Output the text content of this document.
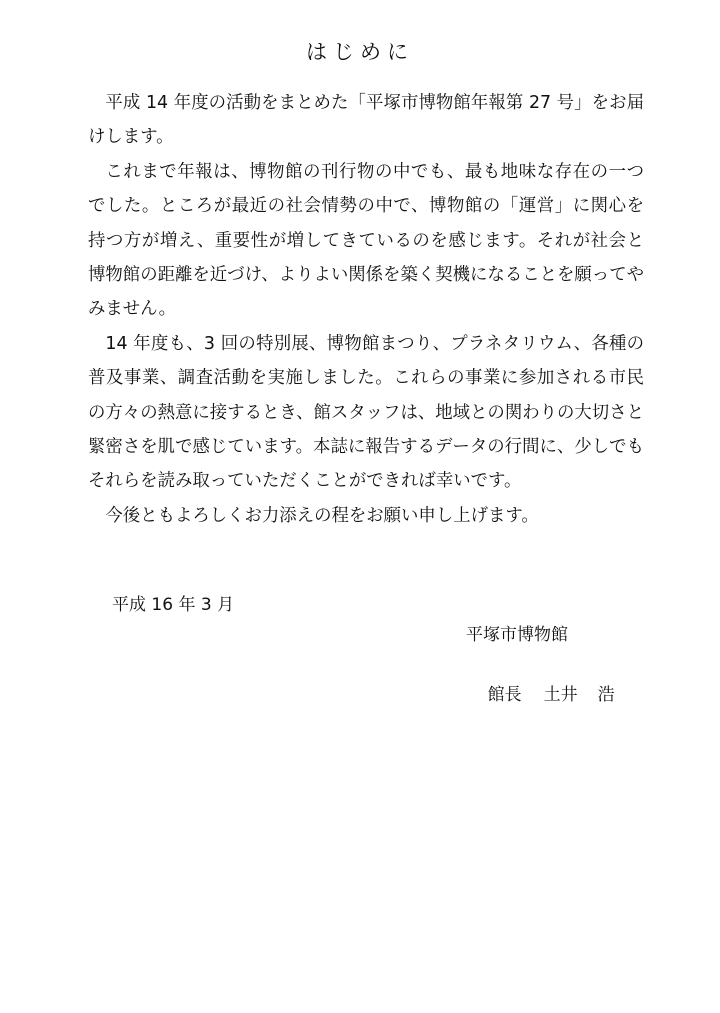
はじめに

平成 14 年度の活動をまとめた「平塚市博物館年報第 27 号」をお届けします。

これまで年報は、博物館の刊行物の中でも、最も地味な存在の一つでした。ところが最近の社会情勢の中で、博物館の「運営」に関心を持つ方が増え、重要性が増してきているのを感じます。それが社会と博物館の距離を近づけ、よりよい関係を築く契機になることを願ってやみません。

14 年度も、3 回の特別展、博物館まつり、プラネタリウム、各種の普及事業、調査活動を実施しました。これらの事業に参加される市民の方々の熱意に接するとき、館スタッフは、地域との関わりの大切さと緊密さを肌で感じています。本誌に報告するデータの行間に、少しでもそれらを読み取っていただくことができれば幸いです。

今後ともよろしくお力添えの程をお願い申し上げます。

平成 16 年 3 月
平塚市博物館

館長 土井 浩
